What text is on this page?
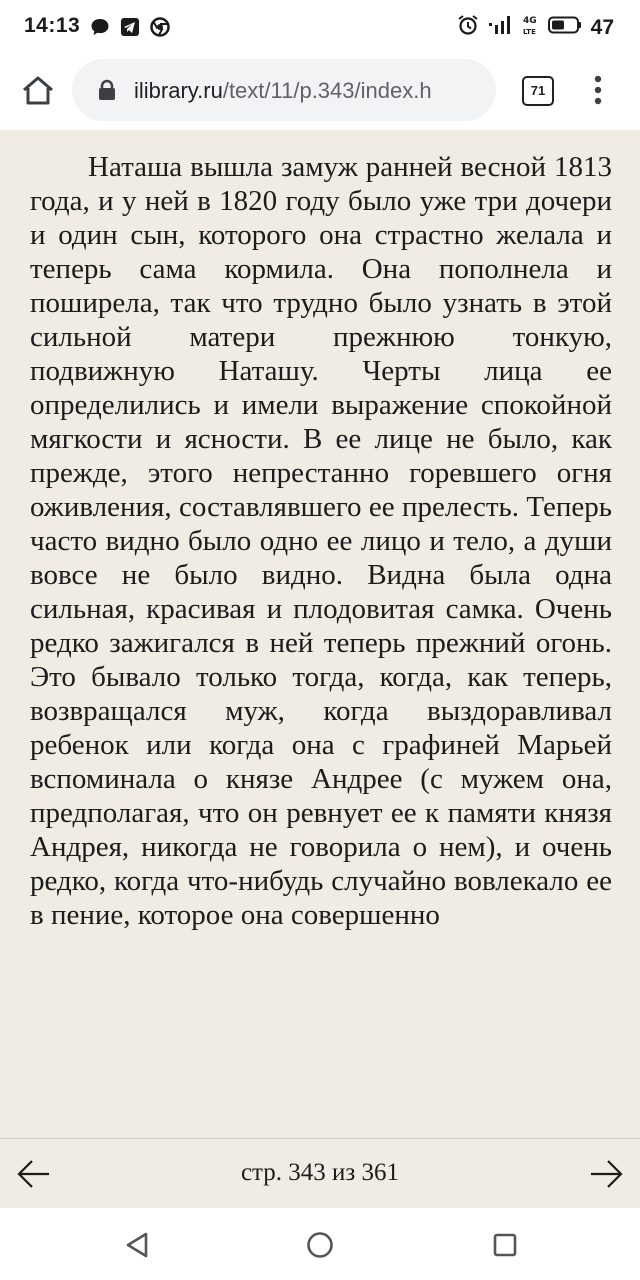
14:13	4G
LTE	47
ilibrary.ru/text/11/p.343/index.h	71

Наташа вышла замуж ранней весной 1813 года, и у ней в 1820 году было уже три дочери и один сын, которого она страстно желала и теперь сама кормила. Она пополнела и поширела, так что трудно было узнать в этой сильной матери прежнюю тонкую, подвижную Наташу. Черты лица ее определились и имели выражение спокойной мягкости и ясности. В ее лице не было, как прежде, этого непрестанно горевшего огня оживления, составлявшего ее прелесть. Теперь часто видно было одно ее лицо и тело, а души вовсе не было видно. Видна была одна сильная, красивая и плодовитая самка. Очень редко зажигался в ней теперь прежний огонь. Это бывало только тогда, когда, как теперь, возвращался муж, когда выздоравливал ребенок или когда она с графиней Марьей вспоминала о князе Андрее (с мужем она, предполагая, что он ревнует ее к памяти князя Андрея, никогда не говорила о нем), и очень редко, когда что-нибудь случайно вовлекало ее в пение, которое она совершенно

стр. 343 из 361
